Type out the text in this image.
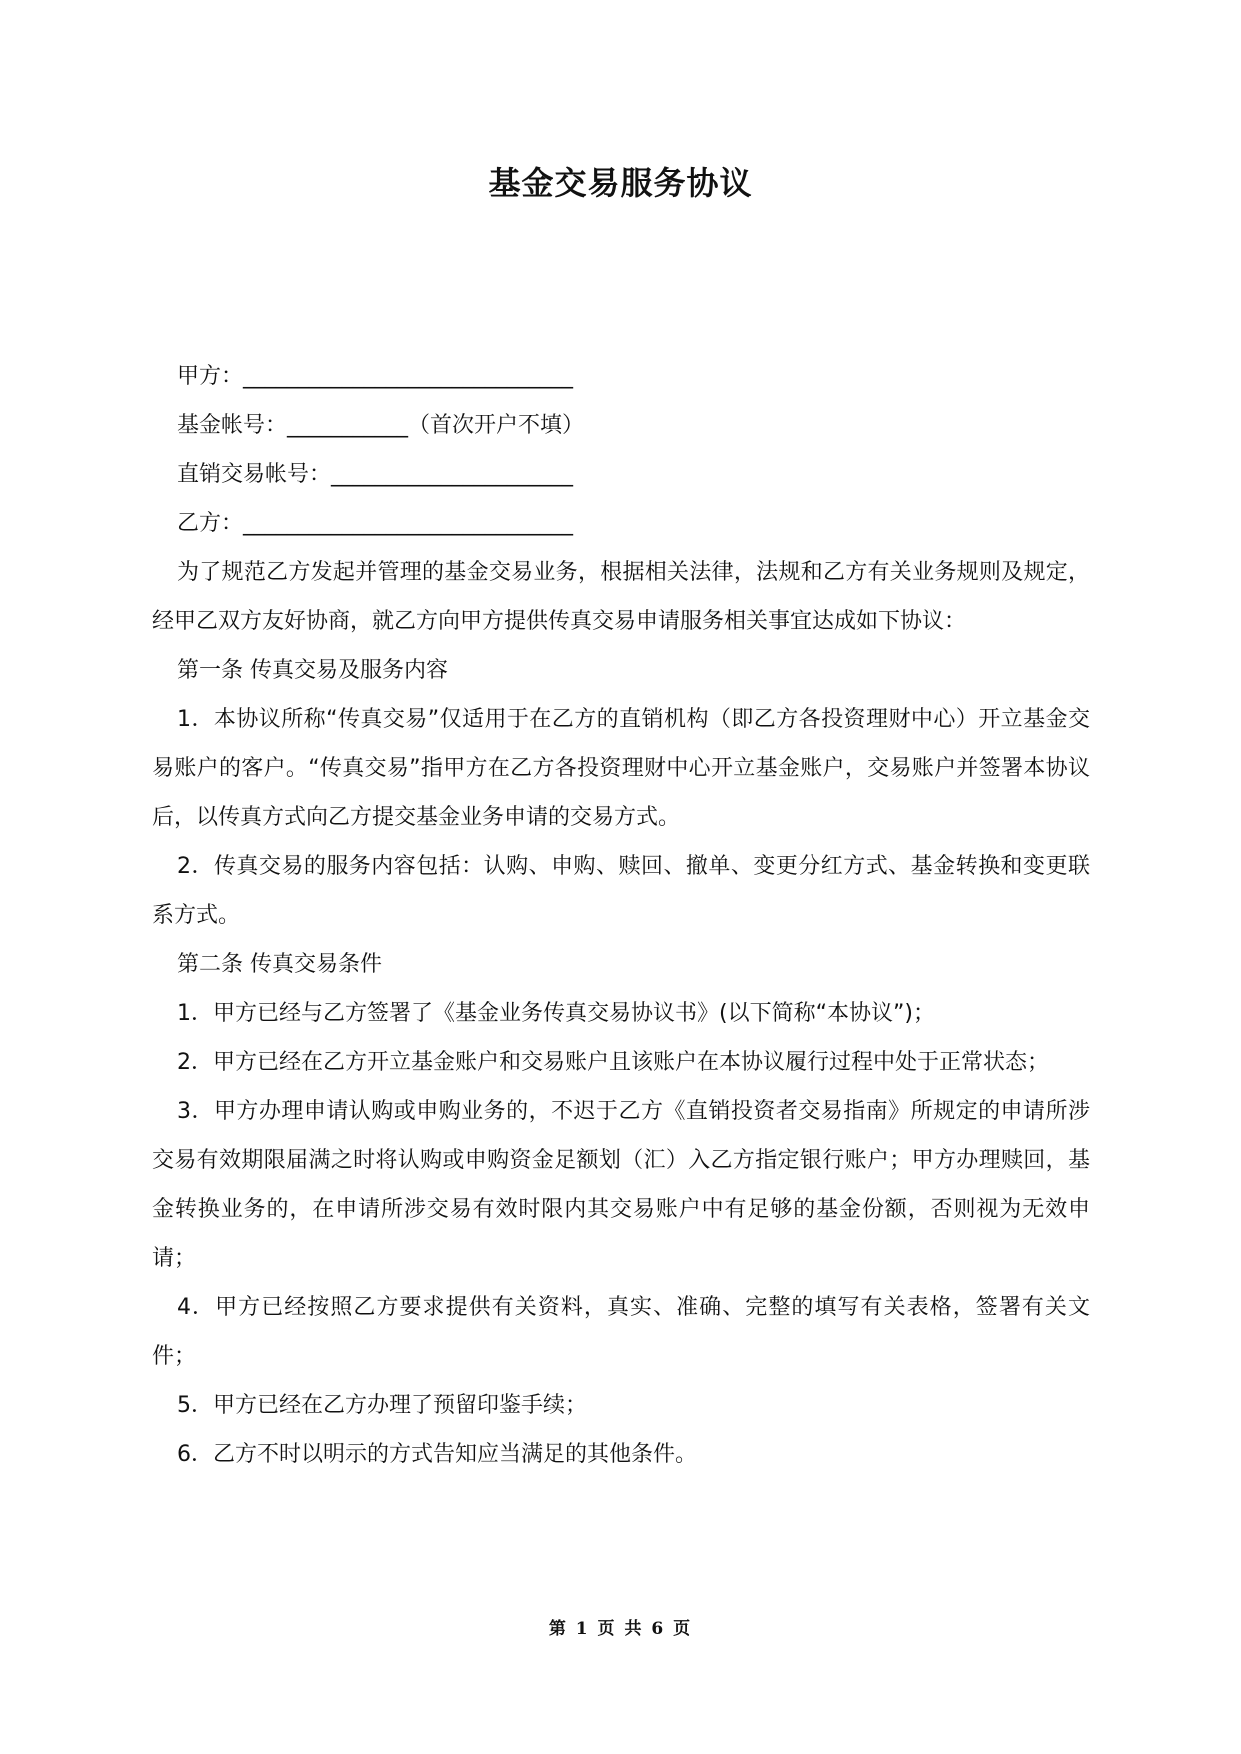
基金交易服务协议

甲方：______________________________

基金帐号：___________（首次开户不填）

直销交易帐号：______________________

乙方：______________________________

为了规范乙方发起并管理的基金交易业务，根据相关法律，法规和乙方有关业务规则及规定，经甲乙双方友好协商，就乙方向甲方提供传真交易申请服务相关事宜达成如下协议：

第一条 传真交易及服务内容

1．本协议所称“传真交易”仅适用于在乙方的直销机构（即乙方各投资理财中心）开立基金交易账户的客户。“传真交易”指甲方在乙方各投资理财中心开立基金账户，交易账户并签署本协议后，以传真方式向乙方提交基金业务申请的交易方式。

2．传真交易的服务内容包括：认购、申购、赎回、撤单、变更分红方式、基金转换和变更联系方式。

第二条 传真交易条件

1．甲方已经与乙方签署了《基金业务传真交易协议书》(以下简称“本协议”)；

2．甲方已经在乙方开立基金账户和交易账户且该账户在本协议履行过程中处于正常状态；

3．甲方办理申请认购或申购业务的，不迟于乙方《直销投资者交易指南》所规定的申请所涉交易有效期限届满之时将认购或申购资金足额划（汇）入乙方指定银行账户；甲方办理赎回，基金转换业务的，在申请所涉交易有效时限内其交易账户中有足够的基金份额，否则视为无效申请；

4．甲方已经按照乙方要求提供有关资料，真实、准确、完整的填写有关表格，签署有关文件；

5．甲方已经在乙方办理了预留印鉴手续；

6．乙方不时以明示的方式告知应当满足的其他条件。

第 1 页 共 6 页
